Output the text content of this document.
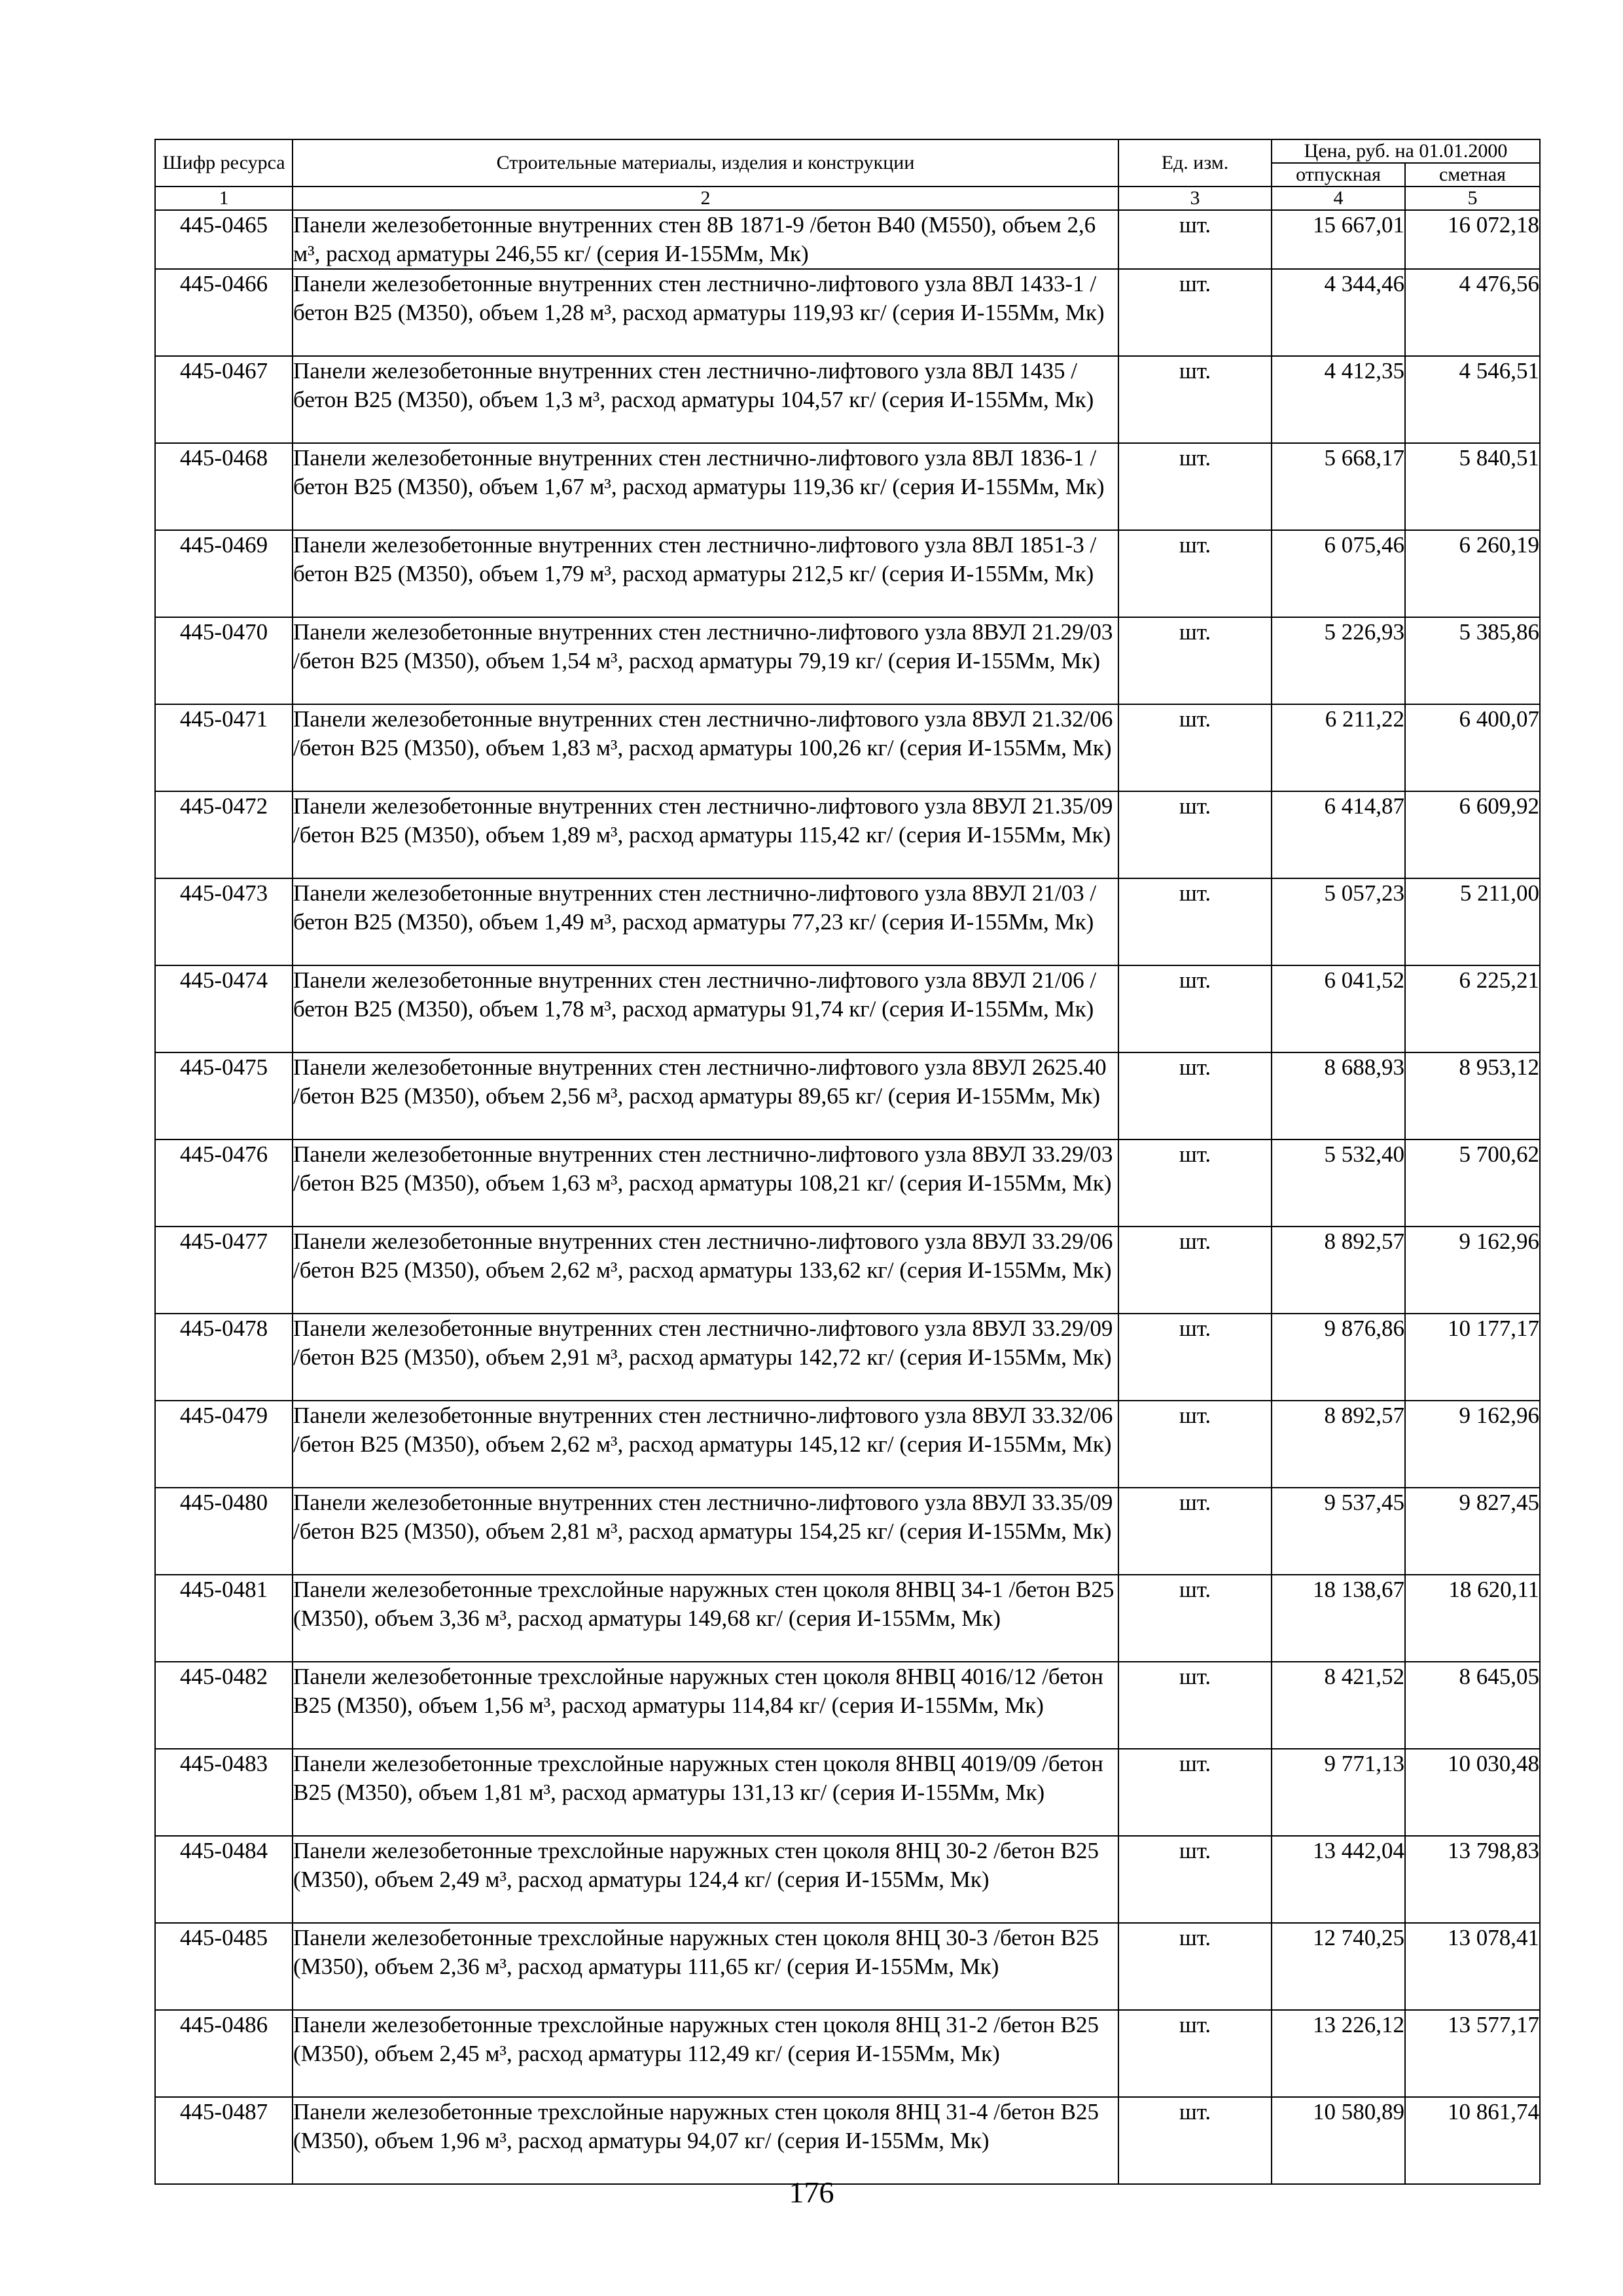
Шифр ресурса	Строительные материалы, изделия и конструкции	Ед. изм.	Цена, руб. на 01.01.2000	
			отпускная	сметная
1	2	3	4	5
445-0465	Панели железобетонные внутренних стен 8В 1871-9 /бетон В40 (М550), объем 2,6 м³, расход арматуры 246,55 кг/ (серия И-155Мм, Мк)	шт.	15 667,01	16 072,18
445-0466	Панели железобетонные внутренних стен лестнично-лифтового узла 8ВЛ 1433-1 /бетон В25 (М350), объем 1,28 м³, расход арматуры 119,93 кг/ (серия И-155Мм, Мк)	шт.	4 344,46	4 476,56
445-0467	Панели железобетонные внутренних стен лестнично-лифтового узла 8ВЛ 1435 /бетон В25 (М350), объем 1,3 м³, расход арматуры 104,57 кг/ (серия И-155Мм, Мк)	шт.	4 412,35	4 546,51
445-0468	Панели железобетонные внутренних стен лестнично-лифтового узла 8ВЛ 1836-1 /бетон В25 (М350), объем 1,67 м³, расход арматуры 119,36 кг/ (серия И-155Мм, Мк)	шт.	5 668,17	5 840,51
445-0469	Панели железобетонные внутренних стен лестнично-лифтового узла 8ВЛ 1851-3 /бетон В25 (М350), объем 1,79 м³, расход арматуры 212,5 кг/ (серия И-155Мм, Мк)	шт.	6 075,46	6 260,19
445-0470	Панели железобетонные внутренних стен лестнично-лифтового узла 8ВУЛ 21.29/03 /бетон В25 (М350), объем 1,54 м³, расход арматуры 79,19 кг/ (серия И-155Мм, Мк)	шт.	5 226,93	5 385,86
445-0471	Панели железобетонные внутренних стен лестнично-лифтового узла 8ВУЛ 21.32/06 /бетон В25 (М350), объем 1,83 м³, расход арматуры 100,26 кг/ (серия И-155Мм, Мк)	шт.	6 211,22	6 400,07
445-0472	Панели железобетонные внутренних стен лестнично-лифтового узла 8ВУЛ 21.35/09 /бетон В25 (М350), объем 1,89 м³, расход арматуры 115,42 кг/ (серия И-155Мм, Мк)	шт.	6 414,87	6 609,92
445-0473	Панели железобетонные внутренних стен лестнично-лифтового узла 8ВУЛ 21/03 /бетон В25 (М350), объем 1,49 м³, расход арматуры 77,23 кг/ (серия И-155Мм, Мк)	шт.	5 057,23	5 211,00
445-0474	Панели железобетонные внутренних стен лестнично-лифтового узла 8ВУЛ 21/06 /бетон В25 (М350), объем 1,78 м³, расход арматуры 91,74 кг/ (серия И-155Мм, Мк)	шт.	6 041,52	6 225,21
445-0475	Панели железобетонные внутренних стен лестнично-лифтового узла 8ВУЛ 2625.40 /бетон В25 (М350), объем 2,56 м³, расход арматуры 89,65 кг/ (серия И-155Мм, Мк)	шт.	8 688,93	8 953,12
445-0476	Панели железобетонные внутренних стен лестнично-лифтового узла 8ВУЛ 33.29/03 /бетон В25 (М350), объем 1,63 м³, расход арматуры 108,21 кг/ (серия И-155Мм, Мк)	шт.	5 532,40	5 700,62
445-0477	Панели железобетонные внутренних стен лестнично-лифтового узла 8ВУЛ 33.29/06 /бетон В25 (М350), объем 2,62 м³, расход арматуры 133,62 кг/ (серия И-155Мм, Мк)	шт.	8 892,57	9 162,96
445-0478	Панели железобетонные внутренних стен лестнично-лифтового узла 8ВУЛ 33.29/09 /бетон В25 (М350), объем 2,91 м³, расход арматуры 142,72 кг/ (серия И-155Мм, Мк)	шт.	9 876,86	10 177,17
445-0479	Панели железобетонные внутренних стен лестнично-лифтового узла 8ВУЛ 33.32/06 /бетон В25 (М350), объем 2,62 м³, расход арматуры 145,12 кг/ (серия И-155Мм, Мк)	шт.	8 892,57	9 162,96
445-0480	Панели железобетонные внутренних стен лестнично-лифтового узла 8ВУЛ 33.35/09 /бетон В25 (М350), объем 2,81 м³, расход арматуры 154,25 кг/ (серия И-155Мм, Мк)	шт.	9 537,45	9 827,45
445-0481	Панели железобетонные трехслойные наружных стен цоколя 8НВЦ 34-1 /бетон В25 (М350), объем 3,36 м³, расход арматуры 149,68 кг/ (серия И-155Мм, Мк)	шт.	18 138,67	18 620,11
445-0482	Панели железобетонные трехслойные наружных стен цоколя 8НВЦ 4016/12 /бетон В25 (М350), объем 1,56 м³, расход арматуры 114,84 кг/ (серия И-155Мм, Мк)	шт.	8 421,52	8 645,05
445-0483	Панели железобетонные трехслойные наружных стен цоколя 8НВЦ 4019/09 /бетон В25 (М350), объем 1,81 м³, расход арматуры 131,13 кг/ (серия И-155Мм, Мк)	шт.	9 771,13	10 030,48
445-0484	Панели железобетонные трехслойные наружных стен цоколя 8НЦ 30-2 /бетон В25 (М350), объем 2,49 м³, расход арматуры 124,4 кг/ (серия И-155Мм, Мк)	шт.	13 442,04	13 798,83
445-0485	Панели железобетонные трехслойные наружных стен цоколя 8НЦ 30-3 /бетон В25 (М350), объем 2,36 м³, расход арматуры 111,65 кг/ (серия И-155Мм, Мк)	шт.	12 740,25	13 078,41
445-0486	Панели железобетонные трехслойные наружных стен цоколя 8НЦ 31-2 /бетон В25 (М350), объем 2,45 м³, расход арматуры 112,49 кг/ (серия И-155Мм, Мк)	шт.	13 226,12	13 577,17
445-0487	Панели железобетонные трехслойные наружных стен цоколя 8НЦ 31-4 /бетон В25 (М350), объем 1,96 м³, расход арматуры 94,07 кг/ (серия И-155Мм, Мк)	шт.	10 580,89	10 861,74
176
